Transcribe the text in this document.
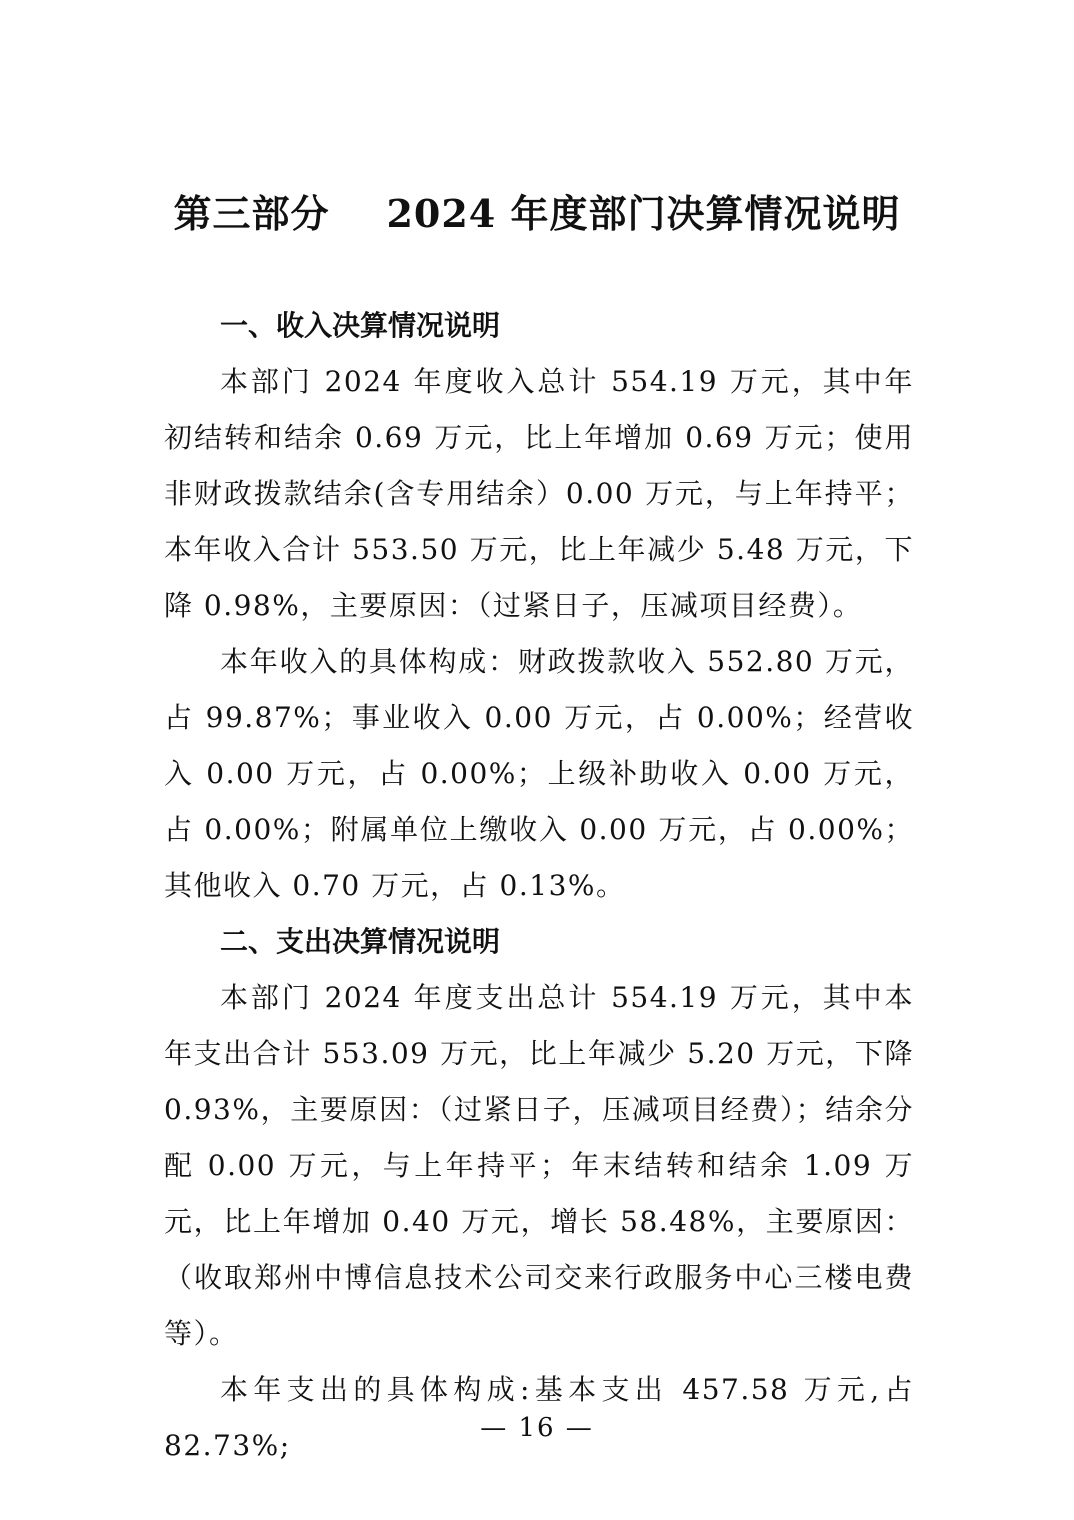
第三部分    2024 年度部门决算情况说明

一、收入决算情况说明

本部门 2024 年度收入总计 554.19 万元，其中年初结转和结余 0.69 万元，比上年增加 0.69 万元；使用非财政拨款结余(含专用结余）0.00 万元，与上年持平；本年收入合计 553.50 万元，比上年减少 5.48 万元，下降 0.98%，主要原因：（过紧日子，压减项目经费）。

本年收入的具体构成：财政拨款收入 552.80 万元，占 99.87%；事业收入 0.00 万元，占 0.00%；经营收入 0.00 万元，占 0.00%；上级补助收入 0.00 万元，占 0.00%；附属单位上缴收入 0.00 万元，占 0.00%；其他收入 0.70 万元，占 0.13%。

二、支出决算情况说明

本部门 2024 年度支出总计 554.19 万元，其中本年支出合计 553.09 万元，比上年减少 5.20 万元，下降 0.93%，主要原因：（过紧日子，压减项目经费）；结余分配 0.00 万元，与上年持平；年末结转和结余 1.09 万元，比上年增加 0.40 万元，增长 58.48%，主要原因：（收取郑州中博信息技术公司交来行政服务中心三楼电费等）。

本年支出的具体构成:基本支出 457.58 万元,占 82.73%;

— 16 —
